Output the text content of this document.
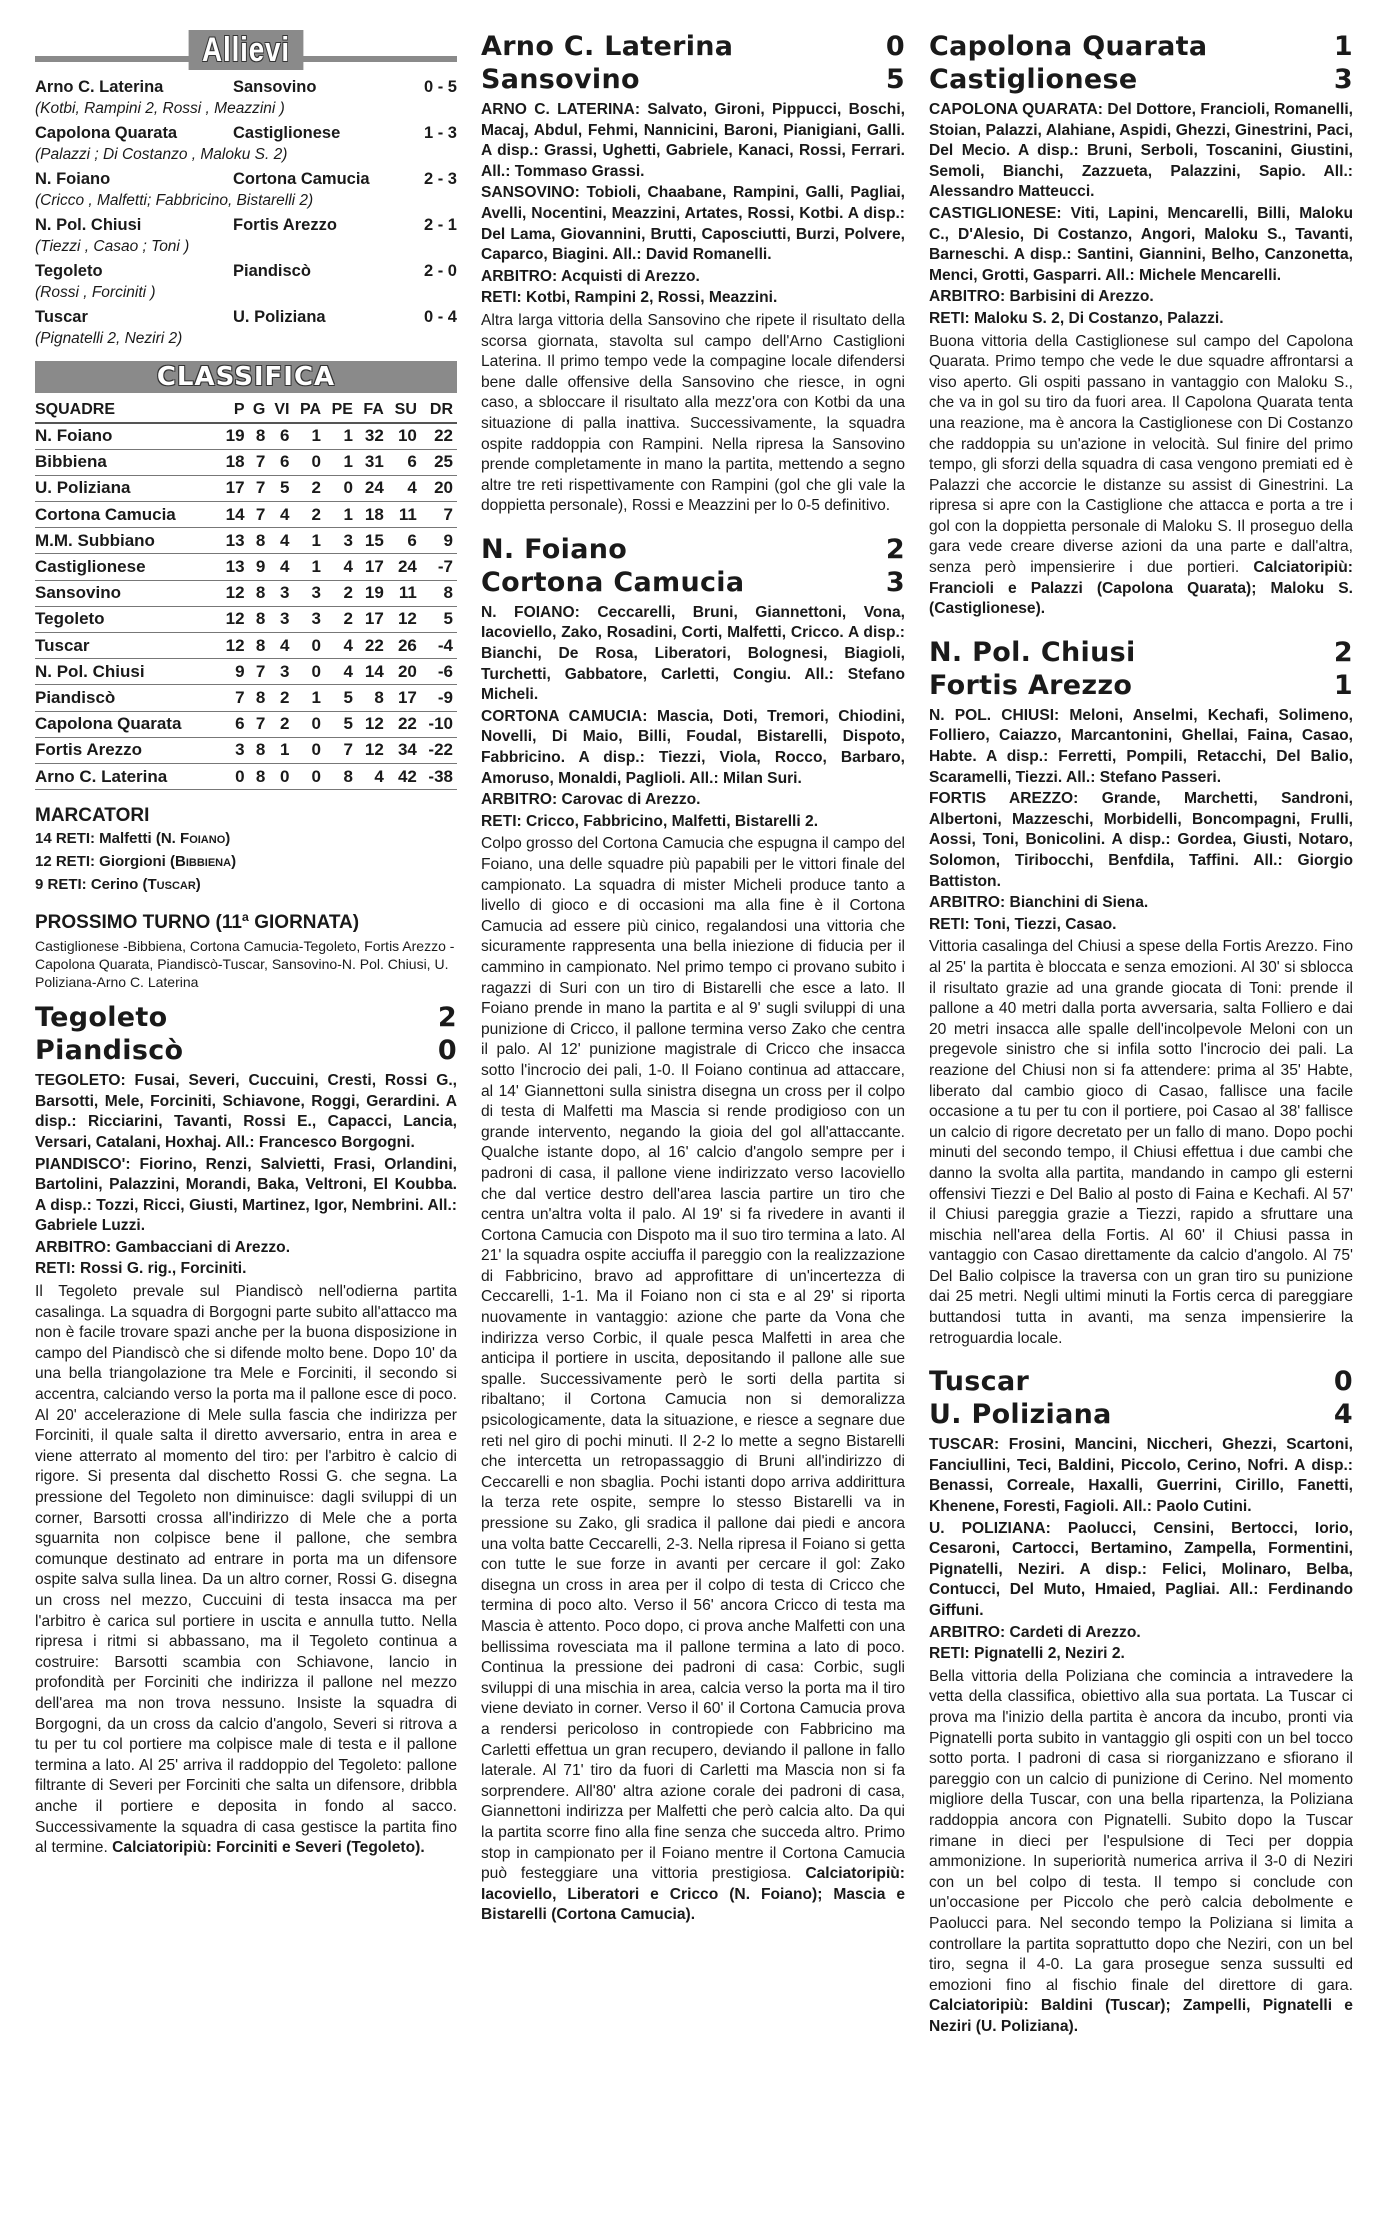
Allievi
Arno C. Laterina	Sansovino	0 - 5
(Kotbi, Rampini 2, Rossi , Meazzini )
Capolona Quarata	Castiglionese	1 - 3
(Palazzi ; Di Costanzo , Maloku S. 2)
N. Foiano	Cortona Camucia	2 - 3
(Cricco , Malfetti; Fabbricino, Bistarelli 2)
N. Pol. Chiusi	Fortis Arezzo	2 - 1
(Tiezzi , Casao ; Toni )
Tegoleto	Piandiscò	2 - 0
(Rossi , Forciniti )
Tuscar	U. Poliziana	0 - 4
(Pignatelli 2, Neziri 2)
CLASSIFICA
SQUADRE	P	G	VI	PA	PE	FA	SU	DR
N. Foiano	19	8	6	1	1	32	10	22
Bibbiena	18	7	6	0	1	31	6	25
U. Poliziana	17	7	5	2	0	24	4	20
Cortona Camucia	14	7	4	2	1	18	11	7
M.M. Subbiano	13	8	4	1	3	15	6	9
Castiglionese	13	9	4	1	4	17	24	-7
Sansovino	12	8	3	3	2	19	11	8
Tegoleto	12	8	3	3	2	17	12	5
Tuscar	12	8	4	0	4	22	26	-4
N. Pol. Chiusi	9	7	3	0	4	14	20	-6
Piandiscò	7	8	2	1	5	8	17	-9
Capolona Quarata	6	7	2	0	5	12	22	-10
Fortis Arezzo	3	8	1	0	7	12	34	-22
Arno C. Laterina	0	8	0	0	8	4	42	-38
MARCATORI
14 RETI: Malfetti (N. FOIANO)
12 RETI: Giorgioni (BIBBIENA)
9 RETI: Cerino (TUSCAR)
PROSSIMO TURNO (11ª GIORNATA)
Castiglionese -Bibbiena, Cortona Camucia-Tegoleto, Fortis Arezzo -Capolona Quarata, Piandiscò-Tuscar, Sansovino-N. Pol. Chiusi, U. Poliziana-Arno C. Laterina
Tegoleto	2
Piandiscò	0

TEGOLETO: Fusai, Severi, Cuccuini, Cresti, Rossi G., Barsotti, Mele, Forciniti, Schiavone, Roggi, Gerardini. A disp.: Ricciarini, Tavanti, Rossi E., Capacci, Lancia, Versari, Catalani, Hoxhaj. All.: Francesco Borgogni.

PIANDISCO': Fiorino, Renzi, Salvietti, Frasi, Orlandini, Bartolini, Palazzini, Morandi, Baka, Veltroni, El Koubba. A disp.: Tozzi, Ricci, Giusti, Martinez, Igor, Nembrini. All.: Gabriele Luzzi.

ARBITRO: Gambacciani di Arezzo.

RETI: Rossi G. rig., Forciniti.

Il Tegoleto prevale sul Piandiscò nell'odierna partita casalinga. La squadra di Borgogni parte subito all'attacco ma non è facile trovare spazi anche per la buona disposizione in campo del Piandiscò che si difende molto bene. Dopo 10' da una bella triangolazione tra Mele e Forciniti, il secondo si accentra, calciando verso la porta ma il pallone esce di poco. Al 20' accelerazione di Mele sulla fascia che indirizza per Forciniti, il quale salta il diretto avversario, entra in area e viene atterrato al momento del tiro: per l'arbitro è calcio di rigore. Si presenta dal dischetto Rossi G. che segna. La pressione del Tegoleto non diminuisce: dagli sviluppi di un corner, Barsotti crossa all'indirizzo di Mele che a porta sguarnita non colpisce bene il pallone, che sembra comunque destinato ad entrare in porta ma un difensore ospite salva sulla linea. Da un altro corner, Rossi G. disegna un cross nel mezzo, Cuccuini di testa insacca ma per l'arbitro è carica sul portiere in uscita e annulla tutto. Nella ripresa i ritmi si abbassano, ma il Tegoleto continua a costruire: Barsotti scambia con Schiavone, lancio in profondità per Forciniti che indirizza il pallone nel mezzo dell'area ma non trova nessuno. Insiste la squadra di Borgogni, da un cross da calcio d'angolo, Severi si ritrova a tu per tu col portiere ma colpisce male di testa e il pallone termina a lato. Al 25' arriva il raddoppio del Tegoleto: pallone filtrante di Severi per Forciniti che salta un difensore, dribbla anche il portiere e deposita in fondo al sacco. Successivamente la squadra di casa gestisce la partita fino al termine. Calciatoripiù: Forciniti e Severi (Tegoleto).
Arno C. Laterina	0
Sansovino	5

ARNO C. LATERINA: Salvato, Gironi, Pippucci, Boschi, Macaj, Abdul, Fehmi, Nannicini, Baroni, Pianigiani, Galli. A disp.: Grassi, Ughetti, Gabriele, Kanaci, Rossi, Ferrari. All.: Tommaso Grassi.

SANSOVINO: Tobioli, Chaabane, Rampini, Galli, Pagliai, Avelli, Nocentini, Meazzini, Artates, Rossi, Kotbi. A disp.: Del Lama, Giovannini, Brutti, Caposciutti, Burzi, Polvere, Caparco, Biagini. All.: David Romanelli.

ARBITRO: Acquisti di Arezzo.

RETI: Kotbi, Rampini 2, Rossi, Meazzini.

Altra larga vittoria della Sansovino che ripete il risultato della scorsa giornata, stavolta sul campo dell'Arno Castiglioni Laterina. Il primo tempo vede la compagine locale difendersi bene dalle offensive della Sansovino che riesce, in ogni caso, a sbloccare il risultato alla mezz'ora con Kotbi da una situazione di palla inattiva. Successivamente, la squadra ospite raddoppia con Rampini. Nella ripresa la Sansovino prende completamente in mano la partita, mettendo a segno altre tre reti rispettivamente con Rampini (gol che gli vale la doppietta personale), Rossi e Meazzini per lo 0-5 definitivo.
N. Foiano	2
Cortona Camucia	3

N. FOIANO: Ceccarelli, Bruni, Giannettoni, Vona, Iacoviello, Zako, Rosadini, Corti, Malfetti, Cricco. A disp.: Bianchi, De Rosa, Liberatori, Bolognesi, Biagioli, Turchetti, Gabbatore, Carletti, Congiu. All.: Stefano Micheli.

CORTONA CAMUCIA: Mascia, Doti, Tremori, Chiodini, Novelli, Di Maio, Billi, Foudal, Bistarelli, Dispoto, Fabbricino. A disp.: Tiezzi, Viola, Rocco, Barbaro, Amoruso, Monaldi, Paglioli. All.: Milan Suri.

ARBITRO: Carovac di Arezzo.

RETI: Cricco, Fabbricino, Malfetti, Bistarelli 2.

Colpo grosso del Cortona Camucia che espugna il campo del Foiano, una delle squadre più papabili per le vittori finale del campionato. La squadra di mister Micheli produce tanto a livello di gioco e di occasioni ma alla fine è il Cortona Camucia ad essere più cinico, regalandosi una vittoria che sicuramente rappresenta una bella iniezione di fiducia per il cammino in campionato. Nel primo tempo ci provano subito i ragazzi di Suri con un tiro di Bistarelli che esce a lato. Il Foiano prende in mano la partita e al 9' sugli sviluppi di una punizione di Cricco, il pallone termina verso Zako che centra il palo. Al 12' punizione magistrale di Cricco che insacca sotto l'incrocio dei pali, 1-0. Il Foiano continua ad attaccare, al 14' Giannettoni sulla sinistra disegna un cross per il colpo di testa di Malfetti ma Mascia si rende prodigioso con un grande intervento, negando la gioia del gol all'attaccante. Qualche istante dopo, al 16' calcio d'angolo sempre per i padroni di casa, il pallone viene indirizzato verso Iacoviello che dal vertice destro dell'area lascia partire un tiro che centra un'altra volta il palo. Al 19' si fa rivedere in avanti il Cortona Camucia con Dispoto ma il suo tiro termina a lato. Al 21' la squadra ospite acciuffa il pareggio con la realizzazione di Fabbricino, bravo ad approfittare di un'incertezza di Ceccarelli, 1-1. Ma il Foiano non ci sta e al 29' si riporta nuovamente in vantaggio: azione che parte da Vona che indirizza verso Corbic, il quale pesca Malfetti in area che anticipa il portiere in uscita, depositando il pallone alle sue spalle. Successivamente però le sorti della partita si ribaltano; il Cortona Camucia non si demoralizza psicologicamente, data la situazione, e riesce a segnare due reti nel giro di pochi minuti. Il 2-2 lo mette a segno Bistarelli che intercetta un retropassaggio di Bruni all'indirizzo di Ceccarelli e non sbaglia. Pochi istanti dopo arriva addirittura la terza rete ospite, sempre lo stesso Bistarelli va in pressione su Zako, gli sradica il pallone dai piedi e ancora una volta batte Ceccarelli, 2-3. Nella ripresa il Foiano si getta con tutte le sue forze in avanti per cercare il gol: Zako disegna un cross in area per il colpo di testa di Cricco che termina di poco alto. Verso il 56' ancora Cricco di testa ma Mascia è attento. Poco dopo, ci prova anche Malfetti con una bellissima rovesciata ma il pallone termina a lato di poco. Continua la pressione dei padroni di casa: Corbic, sugli sviluppi di una mischia in area, calcia verso la porta ma il tiro viene deviato in corner. Verso il 60' il Cortona Camucia prova a rendersi pericoloso in contropiede con Fabbricino ma Carletti effettua un gran recupero, deviando il pallone in fallo laterale. Al 71' tiro da fuori di Carletti ma Mascia non si fa sorprendere. All'80' altra azione corale dei padroni di casa, Giannettoni indirizza per Malfetti che però calcia alto. Da qui la partita scorre fino alla fine senza che succeda altro. Primo stop in campionato per il Foiano mentre il Cortona Camucia può festeggiare una vittoria prestigiosa. Calciatoripiù: Iacoviello, Liberatori e Cricco (N. Foiano); Mascia e Bistarelli (Cortona Camucia).
Capolona Quarata	1
Castiglionese	3

CAPOLONA QUARATA: Del Dottore, Francioli, Romanelli, Stoian, Palazzi, Alahiane, Aspidi, Ghezzi, Ginestrini, Paci, Del Mecio. A disp.: Bruni, Serboli, Toscanini, Giustini, Semoli, Bianchi, Zazzueta, Palazzini, Sapio. All.: Alessandro Matteucci.

CASTIGLIONESE: Viti, Lapini, Mencarelli, Billi, Maloku C., D'Alesio, Di Costanzo, Angori, Maloku S., Tavanti, Barneschi. A disp.: Santini, Giannini, Belho, Canzonetta, Menci, Grotti, Gasparri. All.: Michele Mencarelli.

ARBITRO: Barbisini di Arezzo.

RETI: Maloku S. 2, Di Costanzo, Palazzi.

Buona vittoria della Castiglionese sul campo del Capolona Quarata. Primo tempo che vede le due squadre affrontarsi a viso aperto. Gli ospiti passano in vantaggio con Maloku S., che va in gol su tiro da fuori area. Il Capolona Quarata tenta una reazione, ma è ancora la Castiglionese con Di Costanzo che raddoppia su un'azione in velocità. Sul finire del primo tempo, gli sforzi della squadra di casa vengono premiati ed è Palazzi che accorcie le distanze su assist di Ginestrini. La ripresa si apre con la Castiglione che attacca e porta a tre i gol con la doppietta personale di Maloku S. Il proseguo della gara vede creare diverse azioni da una parte e dall'altra, senza però impensierire i due portieri. Calciatoripiù: Francioli e Palazzi (Capolona Quarata); Maloku S. (Castiglionese).
N. Pol. Chiusi	2
Fortis Arezzo	1

N. POL. CHIUSI: Meloni, Anselmi, Kechafi, Solimeno, Folliero, Caiazzo, Marcantonini, Ghellai, Faina, Casao, Habte. A disp.: Ferretti, Pompili, Retacchi, Del Balio, Scaramelli, Tiezzi. All.: Stefano Passeri.

FORTIS AREZZO: Grande, Marchetti, Sandroni, Albertoni, Mazzeschi, Morbidelli, Boncompagni, Frulli, Aossi, Toni, Bonicolini. A disp.: Gordea, Giusti, Notaro, Solomon, Tiribocchi, Benfdila, Taffini. All.: Giorgio Battiston.

ARBITRO: Bianchini di Siena.

RETI: Toni, Tiezzi, Casao.

Vittoria casalinga del Chiusi a spese della Fortis Arezzo. Fino al 25' la partita è bloccata e senza emozioni. Al 30' si sblocca il risultato grazie ad una grande giocata di Toni: prende il pallone a 40 metri dalla porta avversaria, salta Folliero e dai 20 metri insacca alle spalle dell'incolpevole Meloni con un pregevole sinistro che si infila sotto l'incrocio dei pali. La reazione del Chiusi non si fa attendere: prima al 35' Habte, liberato dal cambio gioco di Casao, fallisce una facile occasione a tu per tu con il portiere, poi Casao al 38' fallisce un calcio di rigore decretato per un fallo di mano. Dopo pochi minuti del secondo tempo, il Chiusi effettua i due cambi che danno la svolta alla partita, mandando in campo gli esterni offensivi Tiezzi e Del Balio al posto di Faina e Kechafi. Al 57' il Chiusi pareggia grazie a Tiezzi, rapido a sfruttare una mischia nell'area della Fortis. Al 60' il Chiusi passa in vantaggio con Casao direttamente da calcio d'angolo. Al 75' Del Balio colpisce la traversa con un gran tiro su punizione dai 25 metri. Negli ultimi minuti la Fortis cerca di pareggiare buttandosi tutta in avanti, ma senza impensierire la retroguardia locale.
Tuscar	0
U. Poliziana	4

TUSCAR: Frosini, Mancini, Niccheri, Ghezzi, Scartoni, Fanciullini, Teci, Baldini, Piccolo, Cerino, Nofri. A disp.: Benassi, Correale, Haxalli, Guerrini, Cirillo, Fanetti, Khenene, Foresti, Fagioli. All.: Paolo Cutini.

U. POLIZIANA: Paolucci, Censini, Bertocci, Iorio, Cesaroni, Cartocci, Bertamino, Zampella, Formentini, Pignatelli, Neziri. A disp.: Felici, Molinaro, Belba, Contucci, Del Muto, Hmaied, Pagliai. All.: Ferdinando Giffuni.

ARBITRO: Cardeti di Arezzo.

RETI: Pignatelli 2, Neziri 2.

Bella vittoria della Poliziana che comincia a intravedere la vetta della classifica, obiettivo alla sua portata. La Tuscar ci prova ma l'inizio della partita è ancora da incubo, pronti via Pignatelli porta subito in vantaggio gli ospiti con un bel tocco sotto porta. I padroni di casa si riorganizzano e sfiorano il pareggio con un calcio di punizione di Cerino. Nel momento migliore della Tuscar, con una bella ripartenza, la Poliziana raddoppia ancora con Pignatelli. Subito dopo la Tuscar rimane in dieci per l'espulsione di Teci per doppia ammonizione. In superiorità numerica arriva il 3-0 di Neziri con un bel colpo di testa. Il tempo si conclude con un'occasione per Piccolo che però calcia debolmente e Paolucci para. Nel secondo tempo la Poliziana si limita a controllare la partita soprattutto dopo che Neziri, con un bel tiro, segna il 4-0. La gara prosegue senza sussulti ed emozioni fino al fischio finale del direttore di gara. Calciatoripiù: Baldini (Tuscar); Zampelli, Pignatelli e Neziri (U. Poliziana).
